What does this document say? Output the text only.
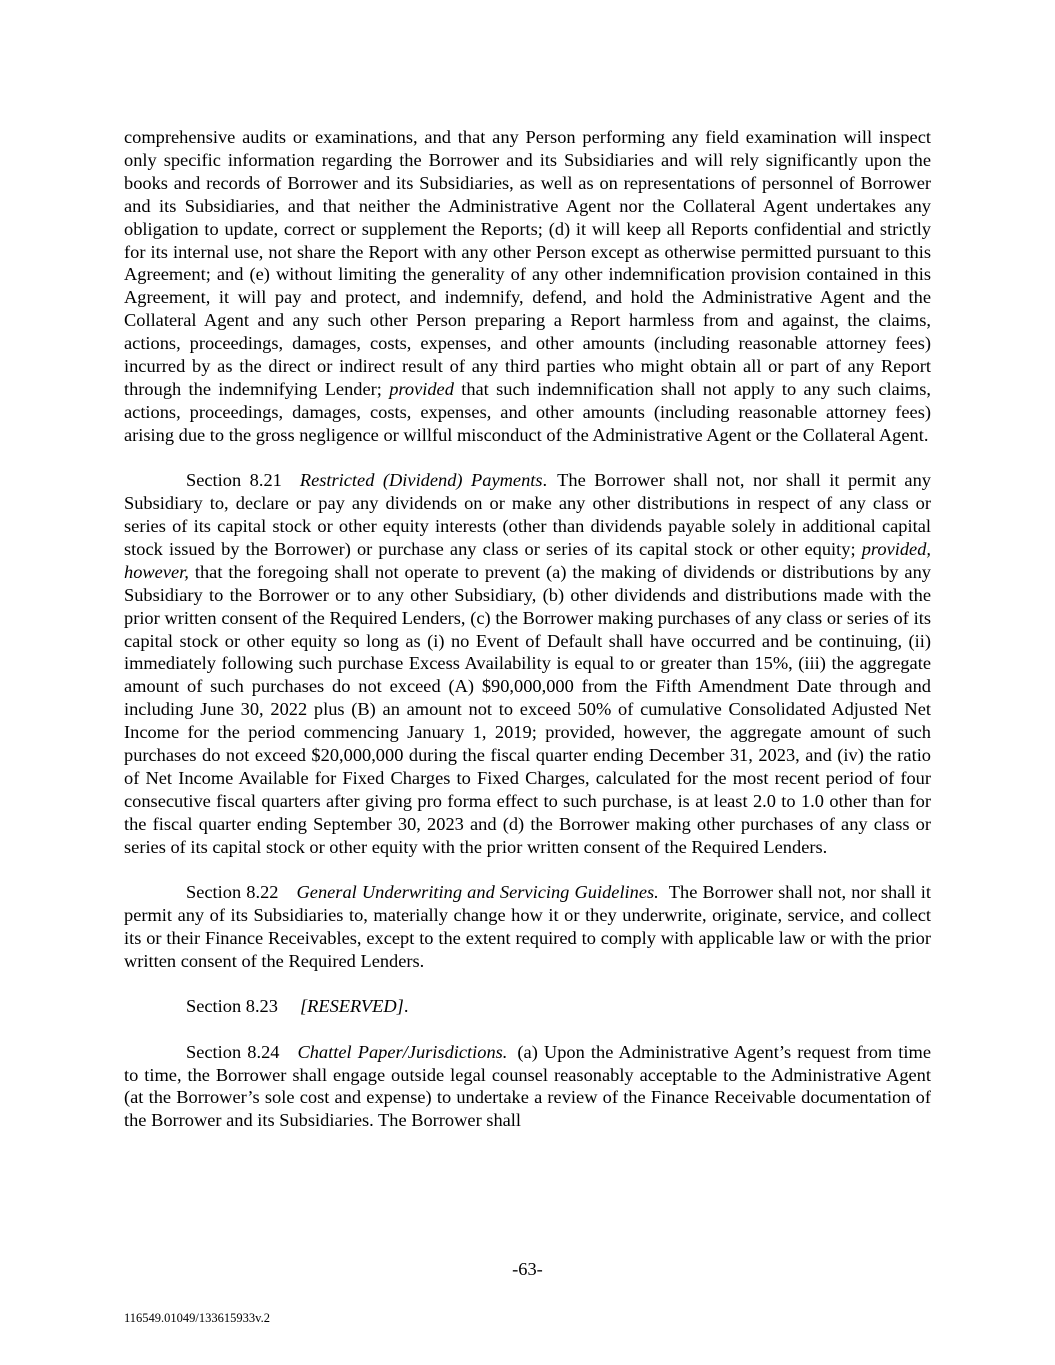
comprehensive audits or examinations, and that any Person performing any field examination will inspect only specific information regarding the Borrower and its Subsidiaries and will rely significantly upon the books and records of Borrower and its Subsidiaries, as well as on representations of personnel of Borrower and its Subsidiaries, and that neither the Administrative Agent nor the Collateral Agent undertakes any obligation to update, correct or supplement the Reports; (d) it will keep all Reports confidential and strictly for its internal use, not share the Report with any other Person except as otherwise permitted pursuant to this Agreement; and (e) without limiting the generality of any other indemnification provision contained in this Agreement, it will pay and protect, and indemnify, defend, and hold the Administrative Agent and the Collateral Agent and any such other Person preparing a Report harmless from and against, the claims, actions, proceedings, damages, costs, expenses, and other amounts (including reasonable attorney fees) incurred by as the direct or indirect result of any third parties who might obtain all or part of any Report through the indemnifying Lender; provided that such indemnification shall not apply to any such claims, actions, proceedings, damages, costs, expenses, and other amounts (including reasonable attorney fees) arising due to the gross negligence or willful misconduct of the Administrative Agent or the Collateral Agent.

Section 8.21 Restricted (Dividend) Payments. The Borrower shall not, nor shall it permit any Subsidiary to, declare or pay any dividends on or make any other distributions in respect of any class or series of its capital stock or other equity interests (other than dividends payable solely in additional capital stock issued by the Borrower) or purchase any class or series of its capital stock or other equity; provided, however, that the foregoing shall not operate to prevent (a) the making of dividends or distributions by any Subsidiary to the Borrower or to any other Subsidiary, (b) other dividends and distributions made with the prior written consent of the Required Lenders, (c) the Borrower making purchases of any class or series of its capital stock or other equity so long as (i) no Event of Default shall have occurred and be continuing, (ii) immediately following such purchase Excess Availability is equal to or greater than 15%, (iii) the aggregate amount of such purchases do not exceed (A) $90,000,000 from the Fifth Amendment Date through and including June 30, 2022 plus (B) an amount not to exceed 50% of cumulative Consolidated Adjusted Net Income for the period commencing January 1, 2019; provided, however, the aggregate amount of such purchases do not exceed $20,000,000 during the fiscal quarter ending December 31, 2023, and (iv) the ratio of Net Income Available for Fixed Charges to Fixed Charges, calculated for the most recent period of four consecutive fiscal quarters after giving pro forma effect to such purchase, is at least 2.0 to 1.0 other than for the fiscal quarter ending September 30, 2023 and (d) the Borrower making other purchases of any class or series of its capital stock or other equity with the prior written consent of the Required Lenders.

Section 8.22 General Underwriting and Servicing Guidelines. The Borrower shall not, nor shall it permit any of its Subsidiaries to, materially change how it or they underwrite, originate, service, and collect its or their Finance Receivables, except to the extent required to comply with applicable law or with the prior written consent of the Required Lenders.

Section 8.23 [RESERVED].

Section 8.24 Chattel Paper/Jurisdictions. (a) Upon the Administrative Agent’s request from time to time, the Borrower shall engage outside legal counsel reasonably acceptable to the Administrative Agent (at the Borrower’s sole cost and expense) to undertake a review of the Finance Receivable documentation of the Borrower and its Subsidiaries. The Borrower shall

-63-
116549.01049/133615933v.2
